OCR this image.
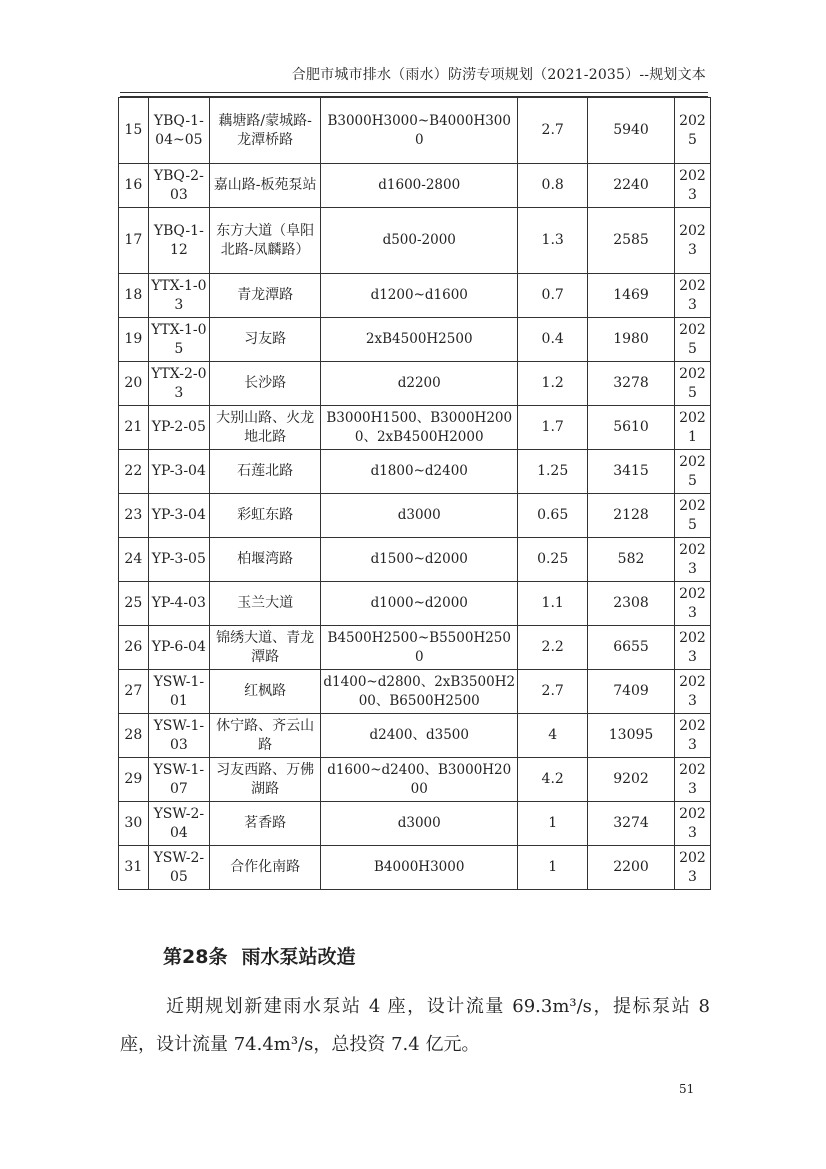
合肥市城市排水（雨水）防涝专项规划（2021-2035）--规划文本
15	YBQ-1-04~05	藕塘路/蒙城路-龙潭桥路	B3000H3000~B4000H3000	2.7	5940	2025
16	YBQ-2-03	嘉山路-板苑泵站	d1600-2800	0.8	2240	2023
17	YBQ-1-12	东方大道（阜阳北路-凤麟路）	d500-2000	1.3	2585	2023
18	YTX-1-03	青龙潭路	d1200~d1600	0.7	1469	2023
19	YTX-1-05	习友路	2xB4500H2500	0.4	1980	2025
20	YTX-2-03	长沙路	d2200	1.2	3278	2025
21	YP-2-05	大别山路、火龙地北路	B3000H1500、B3000H2000、2xB4500H2000	1.7	5610	2021
22	YP-3-04	石莲北路	d1800~d2400	1.25	3415	2025
23	YP-3-04	彩虹东路	d3000	0.65	2128	2025
24	YP-3-05	柏堰湾路	d1500~d2000	0.25	582	2023
25	YP-4-03	玉兰大道	d1000~d2000	1.1	2308	2023
26	YP-6-04	锦绣大道、青龙潭路	B4500H2500~B5500H2500	2.2	6655	2023
27	YSW-1-01	红枫路	d1400~d2800、2xB3500H200、B6500H2500	2.7	7409	2023
28	YSW-1-03	休宁路、齐云山路	d2400、d3500	4	13095	2023
29	YSW-1-07	习友西路、万佛湖路	d1600~d2400、B3000H2000	4.2	9202	2023
30	YSW-2-04	茗香路	d3000	1	3274	2023
31	YSW-2-05	合作化南路	B4000H3000	1	2200	2023
第28条 雨水泵站改造
近期规划新建雨水泵站 4 座，设计流量 69.3m³/s，提标泵站 8 座，设计流量 74.4m³/s，总投资 7.4 亿元。
51
